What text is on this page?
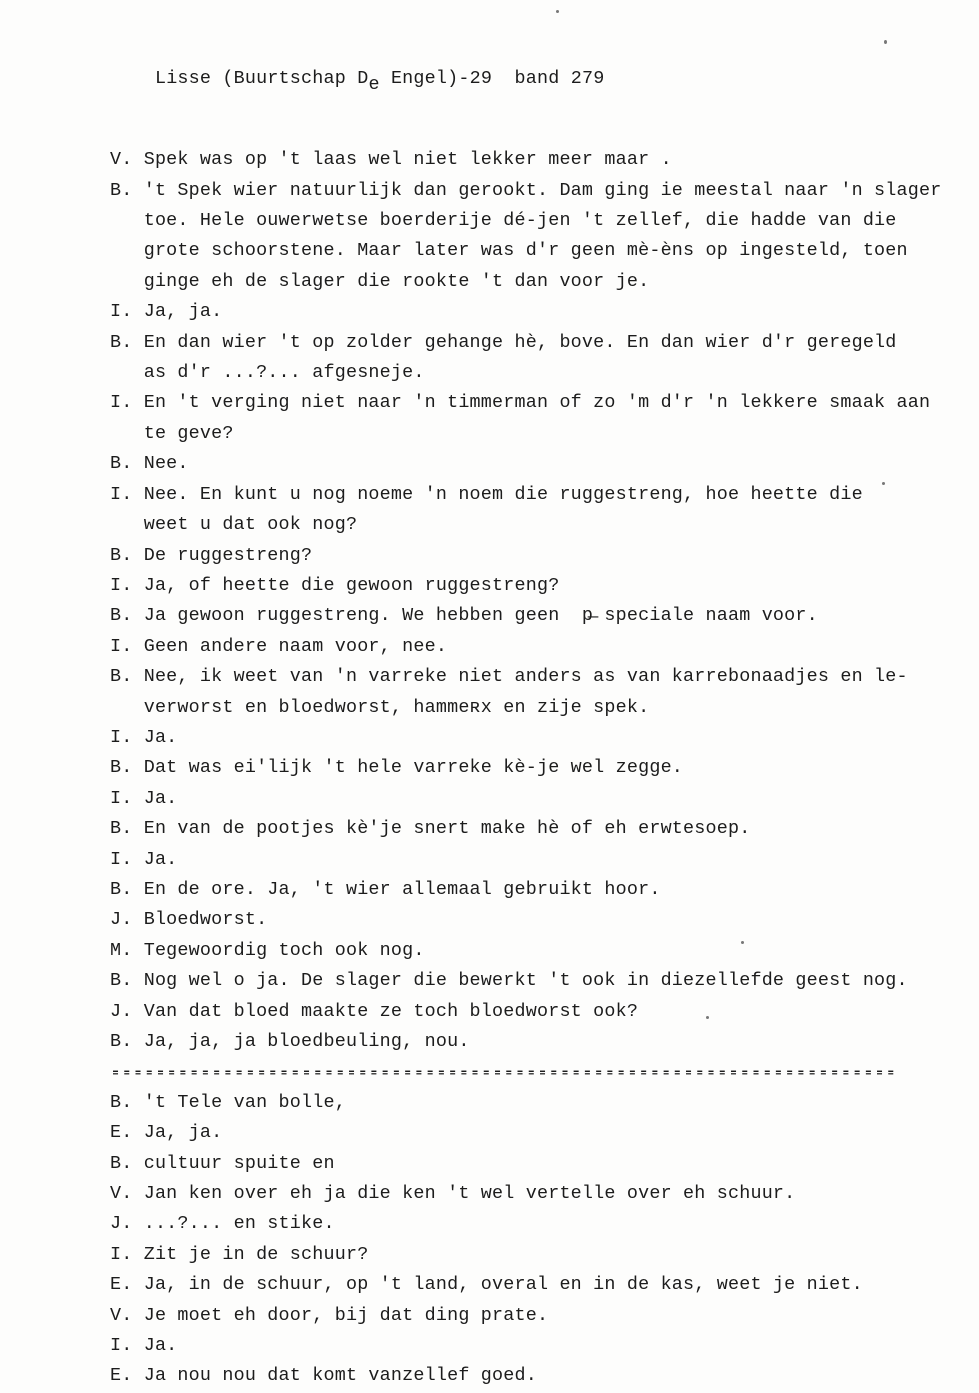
Lisse (Buurtschap De Engel)-29  band 279

V. Spek was op 't laas wel niet lekker meer maar .
B. 't Spek wier natuurlijk dan gerookt. Dam ging ie meestal naar 'n slager
toe. Hele ouwerwetse boerderije dé-jen 't zellef, die hadde van die
grote schoorstene. Maar later was d'r geen mè-èns op ingesteld, toen
ginge eh de slager die rookte 't dan voor je.
I. Ja, ja.
B. En dan wier 't op zolder gehange hè, bove. En dan wier d'r geregeld
as d'r ...?... afgesneje.
I. En 't verging niet naar 'n timmerman of zo 'm d'r 'n lekkere smaak aan
te geve?
B. Nee.
I. Nee. En kunt u nog noeme 'n noem die ruggestreng, hoe heette die
weet u dat ook nog?
B. De ruggestreng?
I. Ja, of heette die gewoon ruggestreng?
B. Ja gewoon ruggestreng. We hebben geen  p̶ speciale naam voor.
I. Geen andere naam voor, nee.
B. Nee, ik weet van 'n varreke niet anders as van karrebonaadjes en le-
verworst en bloedworst, hammeʀx en zije spek.
I. Ja.
B. Dat was ei'lijk 't hele varreke kè-je wel zegge.
I. Ja.
B. En van de pootjes kè'je snert make hè of eh erwtesoep.
I. Ja.
B. En de ore. Ja, 't wier allemaal gebruikt hoor.
J. Bloedworst.
M. Tegewoordig toch ook nog.
B. Nog wel o ja. De slager die bewerkt 't ook in diezellefde geest nog.
J. Van dat bloed maakte ze toch bloedworst ook?
B. Ja, ja, ja bloedbeuling, nou.
----------------------------------------------------------------------
B. 't Tele van bolle,
E. Ja, ja.
B. cultuur spuite en
V. Jan ken over eh ja die ken 't wel vertelle over eh schuur.
J. ...?... en stike.
I. Zit je in de schuur?
E. Ja, in de schuur, op 't land, overal en in de kas, weet je niet.
V. Je moet eh door, bij dat ding prate.
I. Ja.
E. Ja nou nou dat komt vanzellef goed.
